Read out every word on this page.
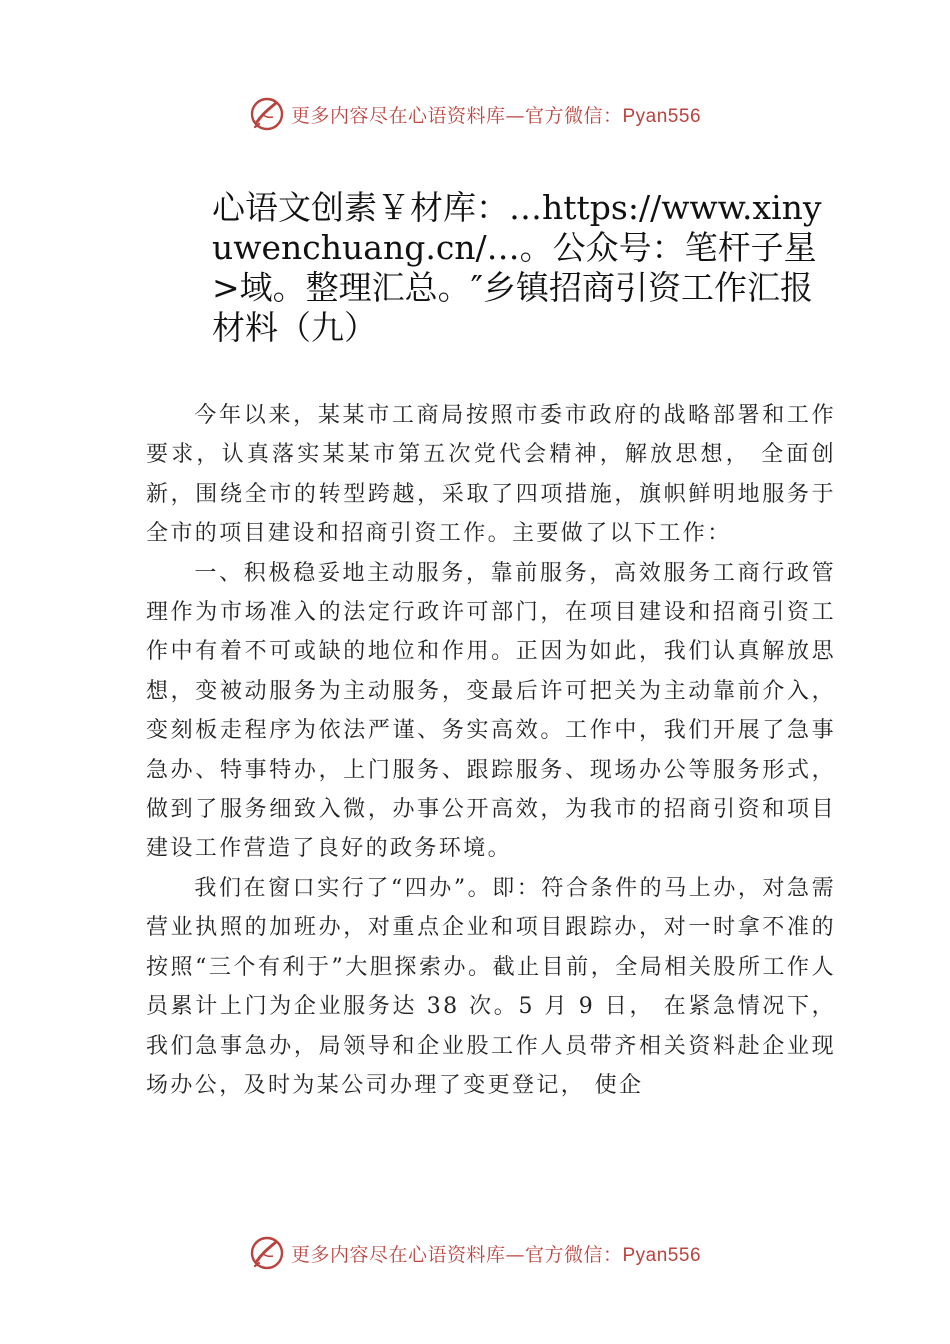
更多内容尽在心语资料库—官方微信：Pyan556
心语文创素￥材库：…https://www.xinyuwenchuang.cn/…。公众号：笔杆子星>域。整理汇总。″乡镇招商引资工作汇报材料（九）

今年以来，某某市工商局按照市委市政府的战略部署和工作要求，认真落实某某市第五次党代会精神，解放思想， 全面创新，围绕全市的转型跨越，采取了四项措施，旗帜鲜明地服务于全市的项目建设和招商引资工作。主要做了以下工作：

一、积极稳妥地主动服务，靠前服务，高效服务工商行政管理作为市场准入的法定行政许可部门，在项目建设和招商引资工作中有着不可或缺的地位和作用。正因为如此，我们认真解放思想，变被动服务为主动服务，变最后许可把关为主动靠前介入，变刻板走程序为依法严谨、务实高效。工作中，我们开展了急事急办、特事特办，上门服务、跟踪服务、现场办公等服务形式，做到了服务细致入微，办事公开高效，为我市的招商引资和项目建设工作营造了良好的政务环境。

我们在窗口实行了“四办”。即：符合条件的马上办，对急需营业执照的加班办，对重点企业和项目跟踪办，对一时拿不准的按照“三个有利于”大胆探索办。截止目前，全局相关股所工作人员累计上门为企业服务达 38 次。5 月 9 日， 在紧急情况下，我们急事急办，局领导和企业股工作人员带齐相关资料赴企业现场办公，及时为某公司办理了变更登记， 使企

更多内容尽在心语资料库—官方微信：Pyan556
